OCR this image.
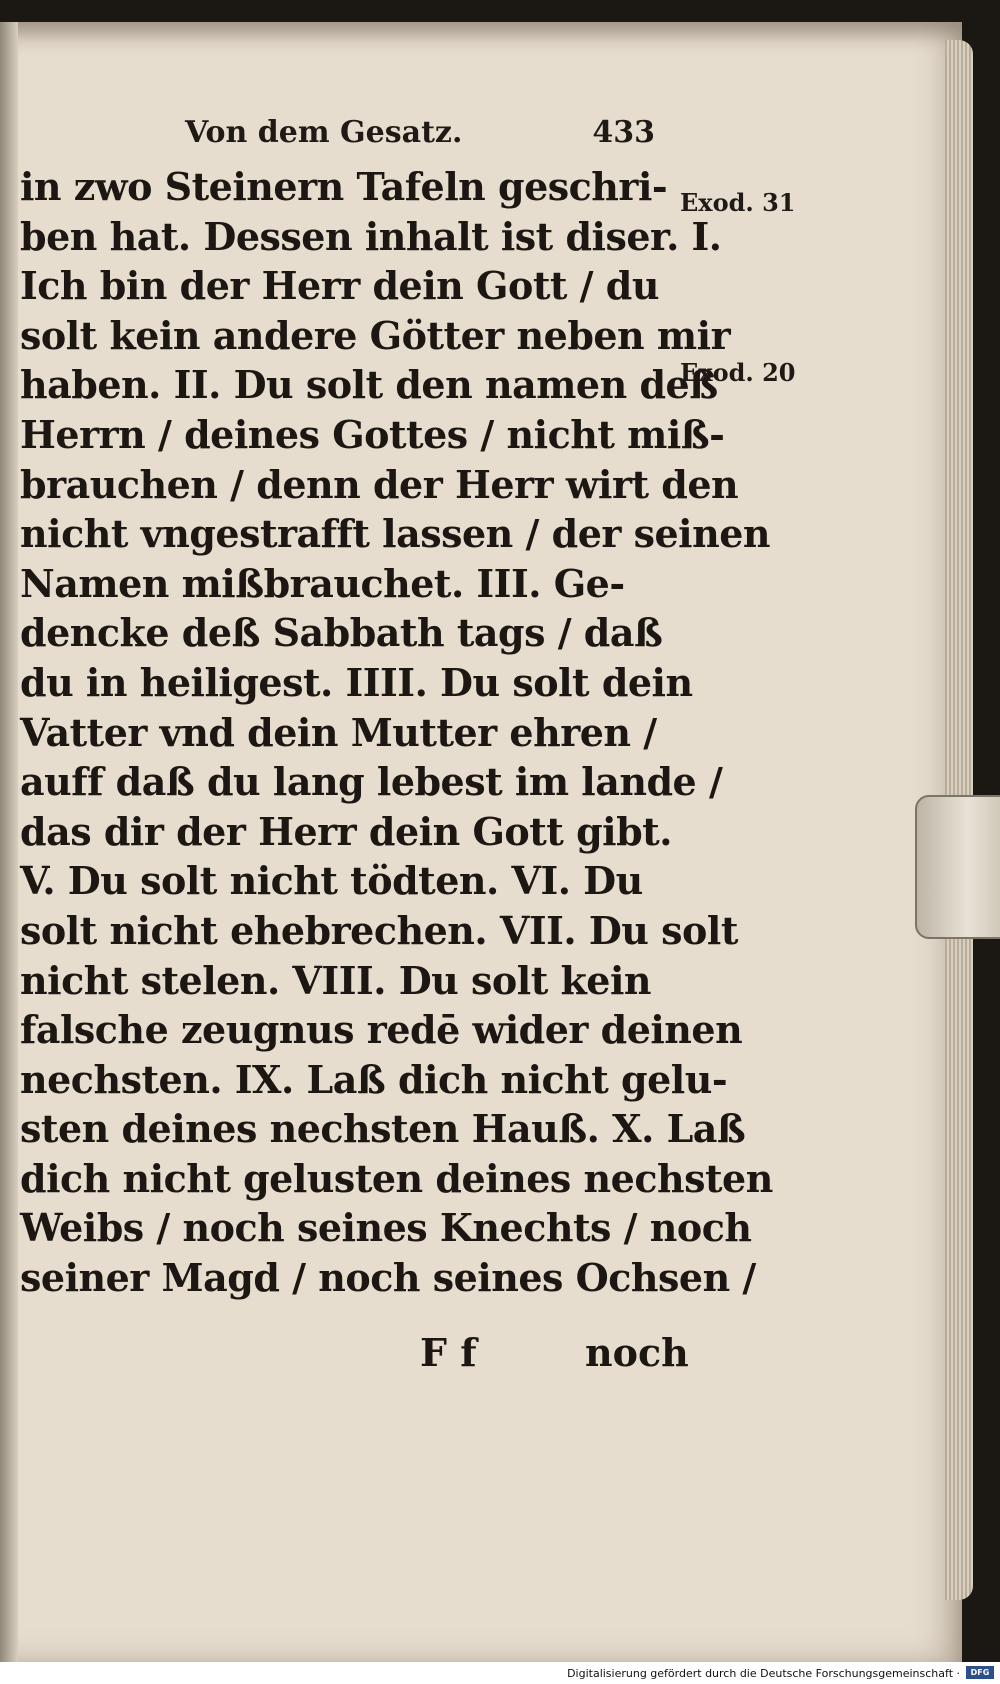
Von dem Gesatz.	433
in zwo Steinern Tafeln geschri-
ben hat. Dessen inhalt ist diser. I.
Ich bin der Herr dein Gott / du
solt kein andere Götter neben mir
haben. II. Du solt den namen deß
Herrn / deines Gottes / nicht miß-
brauchen / denn der Herr wirt den
nicht vngestrafft lassen / der seinen
Namen mißbrauchet. III. Ge-
dencke deß Sabbath tags / daß
du in heiligest. IIII. Du solt dein
Vatter vnd dein Mutter ehren /
auff daß du lang lebest im lande /
das dir der Herr dein Gott gibt.
V. Du solt nicht tödten. VI. Du
solt nicht ehebrechen. VII. Du solt
nicht stelen. VIII. Du solt kein
falsche zeugnus redē wider deinen
nechsten. IX. Laß dich nicht gelu-
sten deines nechsten Hauß. X. Laß
dich nicht gelusten deines nechsten
Weibs / noch seines Knechts / noch
seiner Magd / noch seines Ochsen /
Exod. 31
Exod. 20
F f	noch
Digitalisierung gefördert durch die Deutsche Forschungsgemeinschaft ·	DFG
